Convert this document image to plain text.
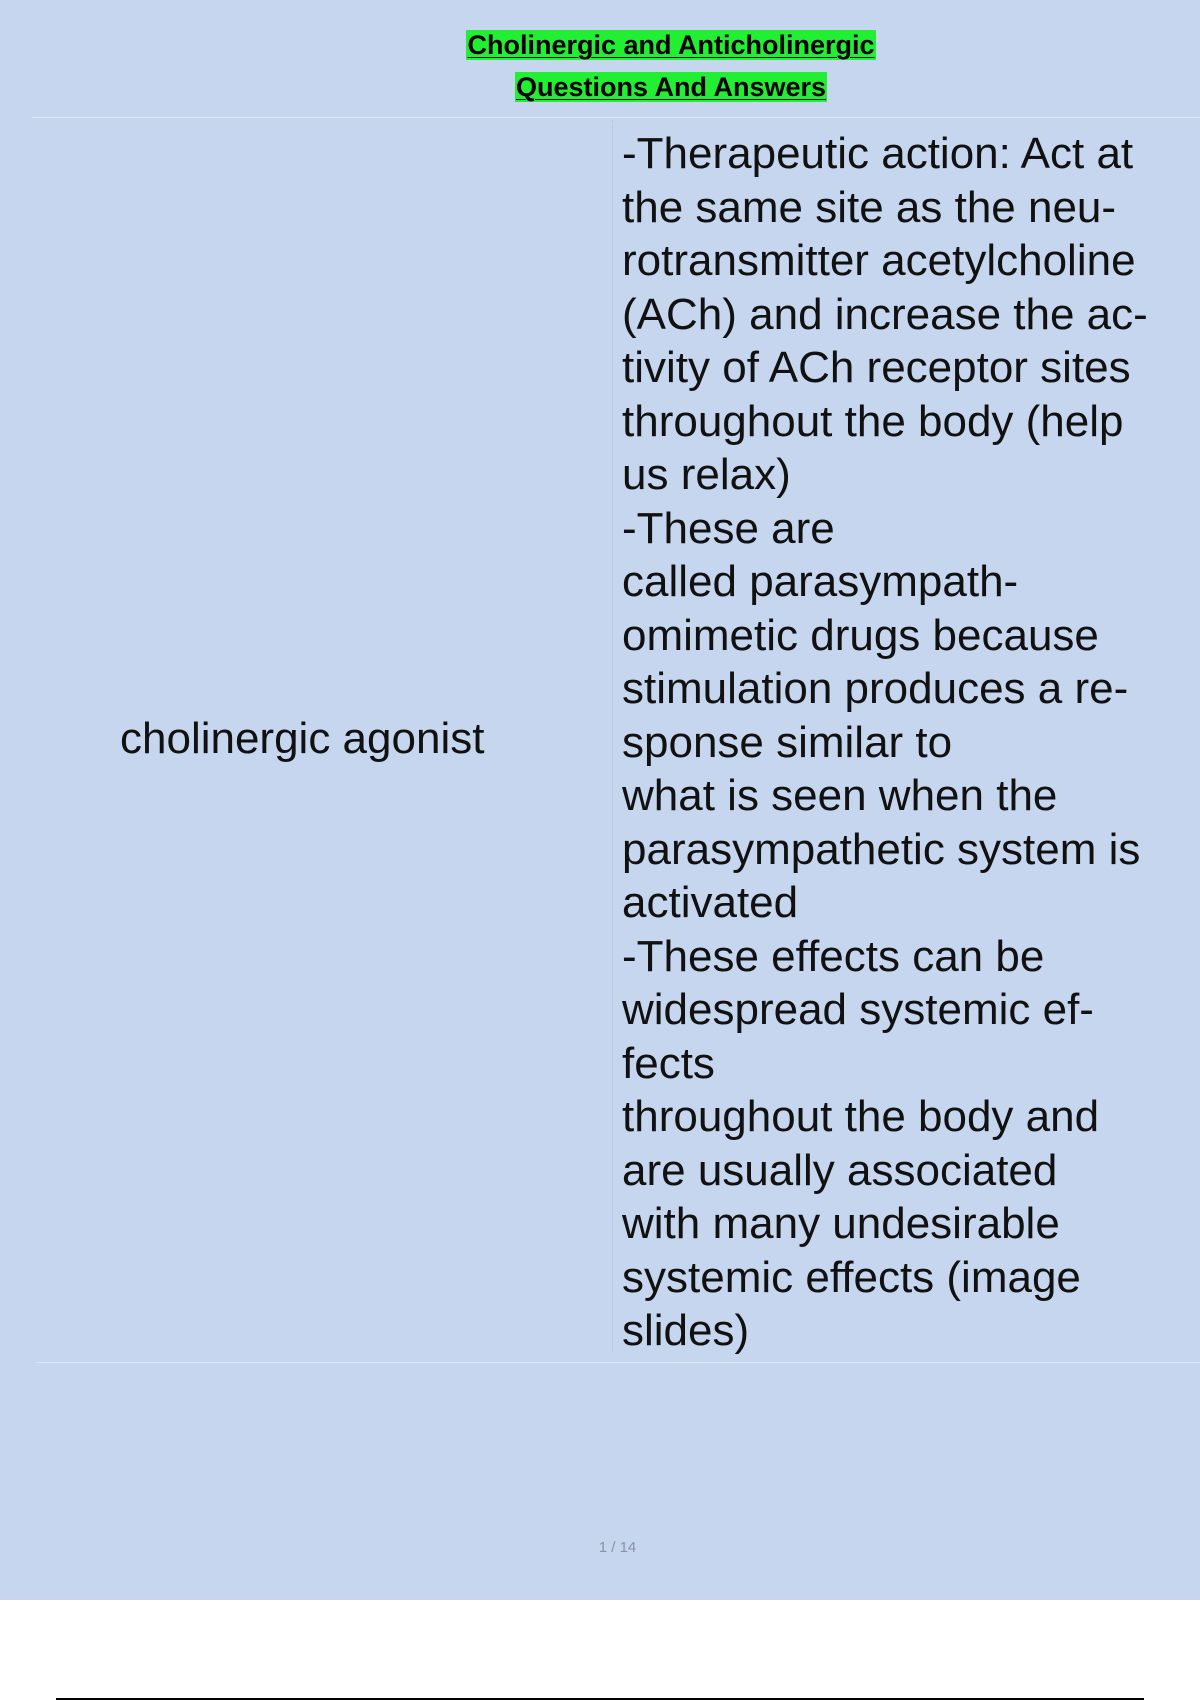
Cholinergic and Anticholinergic
Questions And Answers
cholinergic agonist
-Therapeutic action: Act at
the same site as the neu-
rotransmitter acetylcholine
(ACh) and increase the ac-
tivity of ACh receptor sites
throughout the body (help
us relax)
-These are
called parasympath-
omimetic drugs because
stimulation produces a re-
sponse similar to
what is seen when the
parasympathetic system is
activated
-These effects can be
widespread systemic ef-
fects
throughout the body and
are usually associated
with many undesirable
systemic effects (image
slides)
1 / 14
